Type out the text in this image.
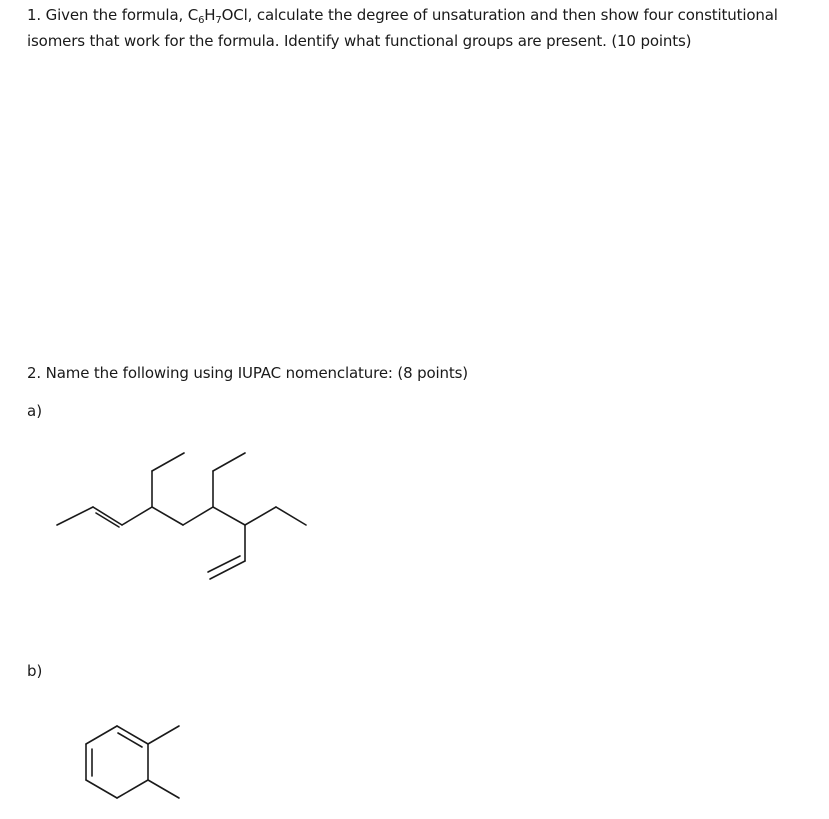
1. Given the formula, $C_6H_7OCl$, calculate the degree of unsaturation and then show four constitutional isomers that work for the formula. Identify what functional groups are present. (10 points)
2. Name the following using IUPAC nomenclature: (8 points)
a)
b)
